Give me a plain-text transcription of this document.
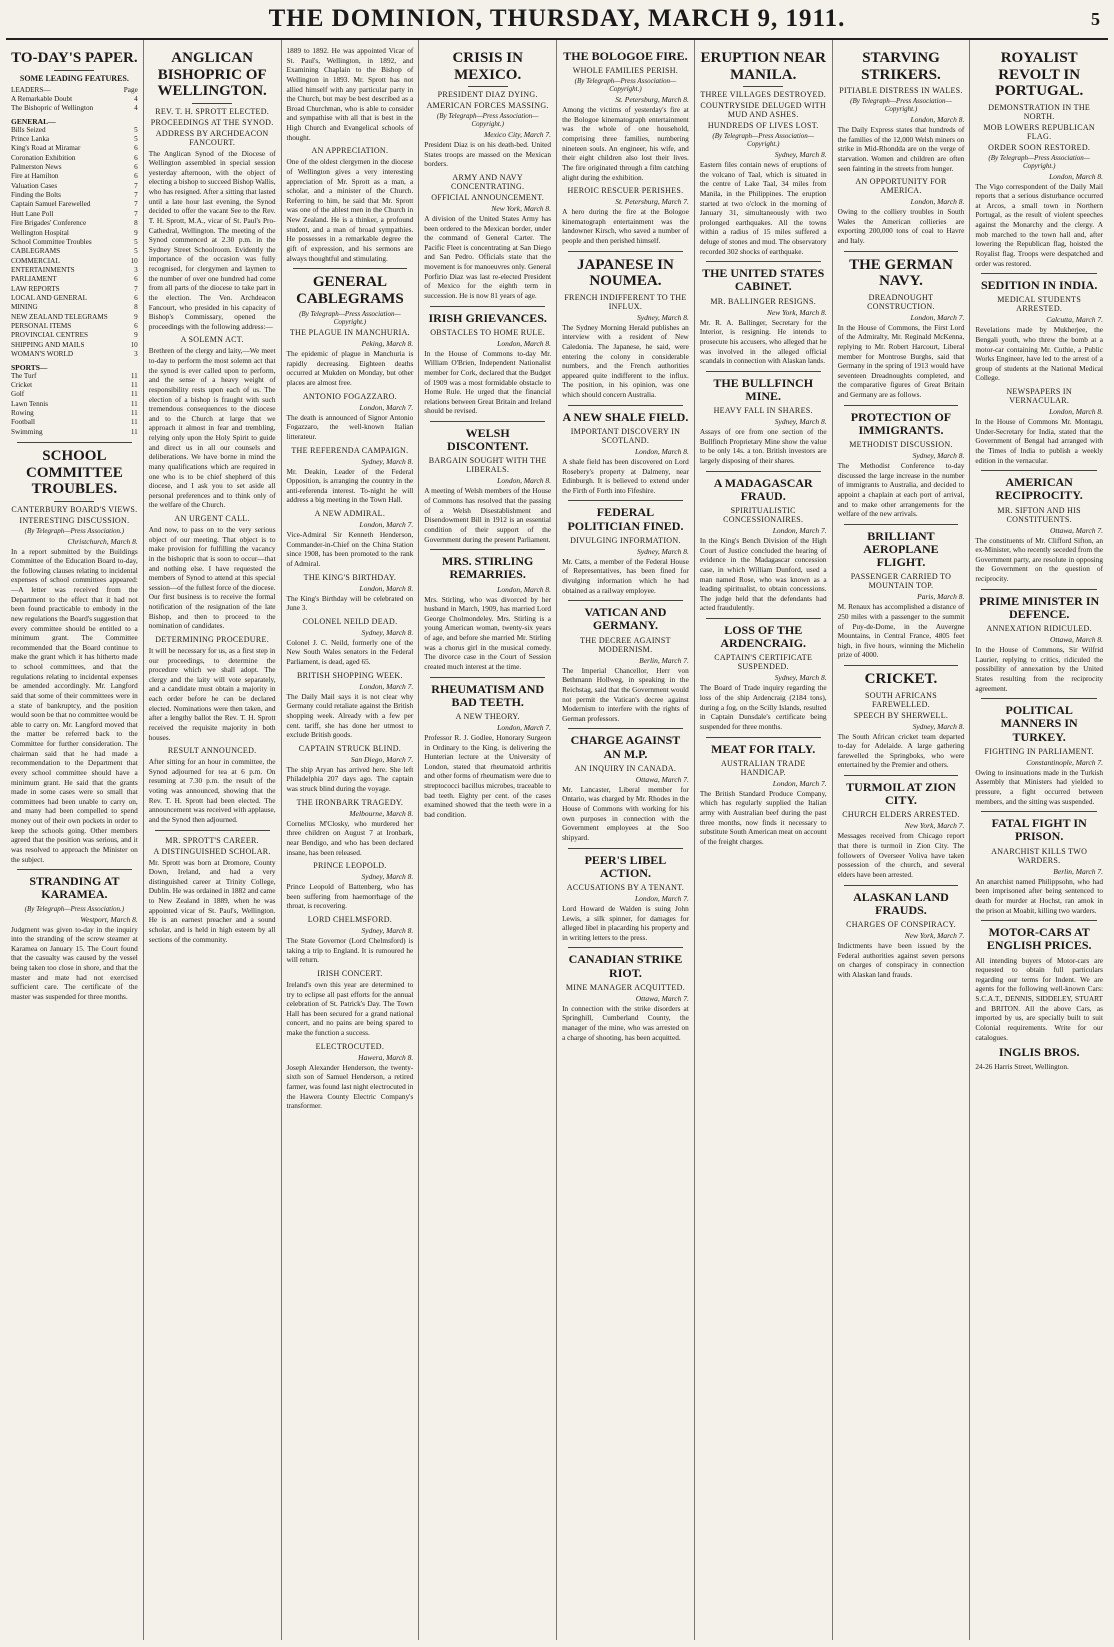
THE DOMINION, THURSDAY, MARCH 9, 1911.	5
TO-DAY'S PAPER.
SOME LEADING FEATURES.
LEADERS—	Page
A Remarkable Doubt	4
The Bishopric of Wellington	4
GENERAL—
Bills Seized	5
Prince Lanka	5
King's Road at Miramar	6
Coronation Exhibition	6
Palmerston News	6
Fire at Hamilton	6
Valuation Cases	7
Finding the Bolts	7
Captain Samuel Farewelled	7
Hutt Lane Poll	7
Fire Brigades' Conference	8
Wellington Hospital	9
School Committee Troubles	5
CABLEGRAMS	5
COMMERCIAL	10
ENTERTAINMENTS	3
PARLIAMENT	6
LAW REPORTS	7
LOCAL AND GENERAL	6
MINING	8
NEW ZEALAND TELEGRAMS	9
PERSONAL ITEMS	6
PROVINCIAL CENTRES	9
SHIPPING AND MAILS	10
WOMAN'S WORLD	3
SPORTS—
The Turf	11
Cricket	11
Golf	11
Lawn Tennis	11
Rowing	11
Football	11
Swimming	11
SCHOOL COMMITTEE TROUBLES.
CANTERBURY BOARD'S VIEWS.
INTERESTING DISCUSSION.
(By Telegraph—Press Association.)
Christchurch, March 8.

In a report submitted by the Buildings Committee of the Education Board to-day, the following clauses relating to incidental expenses of school committees appeared:—A letter was received from the Department to the effect that it had not been found practicable to embody in the new regulations the Board's suggestion that every committee should be entitled to a minimum grant. The Committee recommended that the Board continue to make the grant which it has hitherto made to school committees, and that the regulations relating to incidental expenses be amended accordingly. Mr. Langford said that some of their committees were in a state of bankruptcy, and the position would soon be that no committee would be able to carry on. Mr. Langford moved that the matter be referred back to the Committee for further consideration. The chairman said that he had made a recommendation to the Department that every school committee should have a minimum grant. He said that the grants made in some cases were so small that committees had been unable to carry on, and many had been compelled to spend money out of their own pockets in order to keep the schools going. Other members agreed that the position was serious, and it was resolved to approach the Minister on the subject.

STRANDING AT KARAMEA.
(By Telegraph—Press Association.)
Westport, March 8.

Judgment was given to-day in the inquiry into the stranding of the screw steamer at Karamea on January 15. The Court found that the casualty was caused by the vessel being taken too close in shore, and that the master and mate had not exercised sufficient care. The certificate of the master was suspended for three months.

ANGLICAN BISHOPRIC OF WELLINGTON.
REV. T. H. SPROTT ELECTED.
PROCEEDINGS AT THE SYNOD.
ADDRESS BY ARCHDEACON FANCOURT.

The Anglican Synod of the Diocese of Wellington assembled in special session yesterday afternoon, with the object of electing a bishop to succeed Bishop Wallis, who has resigned. After a sitting that lasted until a late hour last evening, the Synod decided to offer the vacant See to the Rev. T. H. Sprott, M.A., vicar of St. Paul's Pro-Cathedral, Wellington. The meeting of the Synod commenced at 2.30 p.m. in the Sydney Street Schoolroom. Evidently the importance of the occasion was fully recognised, for clergymen and laymen to the number of over one hundred had come from all parts of the diocese to take part in the election. The Ven. Archdeacon Fancourt, who presided in his capacity of Bishop's Commissary, opened the proceedings with the following address:—

A SOLEMN ACT.

Brethren of the clergy and laity,—We meet to-day to perform the most solemn act that the synod is ever called upon to perform, and the sense of a heavy weight of responsibility rests upon each of us. The election of a bishop is fraught with such tremendous consequences to the diocese and to the Church at large that we approach it almost in fear and trembling, relying only upon the Holy Spirit to guide and direct us in all our counsels and deliberations. We have borne in mind the many qualifications which are required in one who is to be chief shepherd of this diocese, and I ask you to set aside all personal preferences and to think only of the welfare of the Church.

AN URGENT CALL.

And now, to pass on to the very serious object of our meeting. That object is to make provision for fulfilling the vacancy in the bishopric that is soon to occur—that and nothing else. I have requested the members of Synod to attend at this special session—of the fullest force of the diocese. Our first business is to receive the formal notification of the resignation of the late Bishop, and then to proceed to the nomination of candidates.

DETERMINING PROCEDURE.

It will be necessary for us, as a first step in our proceedings, to determine the procedure which we shall adopt. The clergy and the laity will vote separately, and a candidate must obtain a majority in each order before he can be declared elected. Nominations were then taken, and after a lengthy ballot the Rev. T. H. Sprott received the requisite majority in both houses.

RESULT ANNOUNCED.

After sitting for an hour in committee, the Synod adjourned for tea at 6 p.m. On resuming at 7.30 p.m. the result of the voting was announced, showing that the Rev. T. H. Sprott had been elected. The announcement was received with applause, and the Synod then adjourned.

MR. SPROTT'S CAREER.
A DISTINGUISHED SCHOLAR.

Mr. Sprott was born at Dromore, County Down, Ireland, and had a very distinguished career at Trinity College, Dublin. He was ordained in 1882 and came to New Zealand in 1889, when he was appointed vicar of St. Paul's, Wellington. He is an earnest preacher and a sound scholar, and is held in high esteem by all sections of the community.

1889 to 1892. He was appointed Vicar of St. Paul's, Wellington, in 1892, and Examining Chaplain to the Bishop of Wellington in 1893. Mr. Sprott has not allied himself with any particular party in the Church, but may be best described as a Broad Churchman, who is able to consider and sympathise with all that is best in the High Church and Evangelical schools of thought.

AN APPRECIATION.

One of the oldest clergymen in the diocese of Wellington gives a very interesting appreciation of Mr. Sprott as a man, a scholar, and a minister of the Church. Referring to him, he said that Mr. Sprott was one of the ablest men in the Church in New Zealand. He is a thinker, a profound student, and a man of broad sympathies. He possesses in a remarkable degree the gift of expression, and his sermons are always thoughtful and stimulating.

GENERAL CABLEGRAMS
(By Telegraph—Press Association—Copyright.)
THE PLAGUE IN MANCHURIA.
Peking, March 8.

The epidemic of plague in Manchuria is rapidly decreasing. Eighteen deaths occurred at Mukden on Monday, but other places are almost free.

ANTONIO FOGAZZARO.
London, March 7.

The death is announced of Signor Antonio Fogazzaro, the well-known Italian litterateur.

THE REFERENDA CAMPAIGN.
Sydney, March 8.

Mr. Deakin, Leader of the Federal Opposition, is arranging the country in the anti-referenda interest. To-night he will address a big meeting in the Town Hall.

A NEW ADMIRAL.
London, March 7.

Vice-Admiral Sir Kenneth Henderson, Commander-in-Chief on the China Station since 1908, has been promoted to the rank of Admiral.

THE KING'S BIRTHDAY.
London, March 8.

The King's Birthday will be celebrated on June 3.

COLONEL NEILD DEAD.
Sydney, March 8.

Colonel J. C. Neild, formerly one of the New South Wales senators in the Federal Parliament, is dead, aged 65.

BRITISH SHOPPING WEEK.
London, March 7.

The Daily Mail says it is not clear why Germany could retaliate against the British shopping week. Already with a few per cent. tariff, she has done her utmost to exclude British goods.

CAPTAIN STRUCK BLIND.
San Diego, March 7.

The ship Aryan has arrived here. She left Philadelphia 207 days ago. The captain was struck blind during the voyage.

THE IRONBARK TRAGEDY.
Melbourne, March 8.

Cornelius M'Closky, who murdered her three children on August 7 at Ironbark, near Bendigo, and who has been declared insane, has been released.

PRINCE LEOPOLD.
Sydney, March 8.

Prince Leopold of Battenberg, who has been suffering from haemorrhage of the throat, is recovering.

LORD CHELMSFORD.
Sydney, March 8.

The State Governor (Lord Chelmsford) is taking a trip to England. It is rumoured he will return.

IRISH CONCERT.

Ireland's own this year are determined to try to eclipse all past efforts for the annual celebration of St. Patrick's Day. The Town Hall has been secured for a grand national concert, and no pains are being spared to make the function a success.

ELECTROCUTED.
Hawera, March 8.

Joseph Alexander Henderson, the twenty-sixth son of Samuel Henderson, a retired farmer, was found last night electrocuted in the Hawera County Electric Company's transformer.

CRISIS IN MEXICO.
PRESIDENT DIAZ DYING.
AMERICAN FORCES MASSING.
(By Telegraph—Press Association—Copyright.)
Mexico City, March 7.

President Diaz is on his death-bed. United States troops are massed on the Mexican borders.

ARMY AND NAVY CONCENTRATING.
OFFICIAL ANNOUNCEMENT.
New York, March 8.

A division of the United States Army has been ordered to the Mexican border, under the command of General Carter. The Pacific Fleet is concentrating at San Diego and San Pedro. Officials state that the movement is for manoeuvres only. General Porfirio Diaz was last re-elected President of Mexico for the eighth term in succession. He is now 81 years of age.

IRISH GRIEVANCES.
OBSTACLES TO HOME RULE.
London, March 8.

In the House of Commons to-day Mr. William O'Brien, Independent Nationalist member for Cork, declared that the Budget of 1909 was a most formidable obstacle to Home Rule. He urged that the financial relations between Great Britain and Ireland should be revised.

WELSH DISCONTENT.
BARGAIN SOUGHT WITH THE LIBERALS.
London, March 8.

A meeting of Welsh members of the House of Commons has resolved that the passing of a Welsh Disestablishment and Disendowment Bill in 1912 is an essential condition of their support of the Government during the present Parliament.

MRS. STIRLING REMARRIES.
London, March 8.

Mrs. Stirling, who was divorced by her husband in March, 1909, has married Lord George Cholmondeley. Mrs. Stirling is a young American woman, twenty-six years of age, and before she married Mr. Stirling was a chorus girl in the musical comedy. The divorce case in the Court of Session created much interest at the time.

RHEUMATISM AND BAD TEETH.
A NEW THEORY.
London, March 7.

Professor R. J. Godlee, Honorary Surgeon in Ordinary to the King, is delivering the Hunterian lecture at the University of London, stated that rheumatoid arthritis and other forms of rheumatism were due to streptococci bacillus microbes, traceable to bad teeth. Eighty per cent. of the cases examined showed that the teeth were in a bad condition.

THE BOLOGOE FIRE.
WHOLE FAMILIES PERISH.
(By Telegraph—Press Association—Copyright.)
St. Petersburg, March 8.

Among the victims of yesterday's fire at the Bologoe kinematograph entertainment was the whole of one household, comprising three families, numbering nineteen souls. An engineer, his wife, and their eight children also lost their lives. The fire originated through a film catching alight during the exhibition.

HEROIC RESCUER PERISHES.
St. Petersburg, March 7.

A hero during the fire at the Bologoe kinematograph entertainment was the landowner Kirsch, who saved a number of people and then perished himself.

JAPANESE IN NOUMEA.
FRENCH INDIFFERENT TO THE INFLUX.
Sydney, March 8.

The Sydney Morning Herald publishes an interview with a resident of New Caledonia. The Japanese, he said, were entering the colony in considerable numbers, and the French authorities appeared quite indifferent to the influx. The position, in his opinion, was one which should concern Australia.

A NEW SHALE FIELD.
IMPORTANT DISCOVERY IN SCOTLAND.
London, March 8.

A shale field has been discovered on Lord Rosebery's property at Dalmeny, near Edinburgh. It is believed to extend under the Firth of Forth into Fifeshire.

FEDERAL POLITICIAN FINED.
DIVULGING INFORMATION.
Sydney, March 8.

Mr. Catts, a member of the Federal House of Representatives, has been fined for divulging information which he had obtained as a railway employee.

VATICAN AND GERMANY.
THE DECREE AGAINST MODERNISM.
Berlin, March 7.

The Imperial Chancellor, Herr von Bethmann Hollweg, in speaking in the Reichstag, said that the Government would not permit the Vatican's decree against Modernism to interfere with the rights of German professors.

CHARGE AGAINST AN M.P.
AN INQUIRY IN CANADA.
Ottawa, March 7.

Mr. Lancaster, Liberal member for Ontario, was charged by Mr. Rhodes in the House of Commons with working for his own purposes in connection with the Government employees at the Soo shipyard.

PEER'S LIBEL ACTION.
ACCUSATIONS BY A TENANT.
London, March 7.

Lord Howard de Walden is suing John Lewis, a silk spinner, for damages for alleged libel in placarding his property and in writing letters to the press.

CANADIAN STRIKE RIOT.
MINE MANAGER ACQUITTED.
Ottawa, March 7.

In connection with the strike disorders at Springhill, Cumberland County, the manager of the mine, who was arrested on a charge of shooting, has been acquitted.

ERUPTION NEAR MANILA.
THREE VILLAGES DESTROYED.
COUNTRYSIDE DELUGED WITH MUD AND ASHES.
HUNDREDS OF LIVES LOST.
(By Telegraph—Press Association—Copyright.)
Sydney, March 8.

Eastern files contain news of eruptions of the volcano of Taal, which is situated in the centre of Lake Taal, 34 miles from Manila, in the Philippines. The eruption started at two o'clock in the morning of January 31, simultaneously with two prolonged earthquakes. All the towns within a radius of 15 miles suffered a deluge of stones and mud. The observatory recorded 302 shocks of earthquake.

THE UNITED STATES CABINET.
MR. BALLINGER RESIGNS.
New York, March 8.

Mr. R. A. Ballinger, Secretary for the Interior, is resigning. He intends to prosecute his accusers, who alleged that he was involved in the alleged official scandals in connection with Alaskan lands.

THE BULLFINCH MINE.
HEAVY FALL IN SHARES.
Sydney, March 8.

Assays of ore from one section of the Bullfinch Proprietary Mine show the value to be only 14s. a ton. British investors are largely disposing of their shares.

A MADAGASCAR FRAUD.
SPIRITUALISTIC CONCESSIONAIRES.
London, March 7.

In the King's Bench Division of the High Court of Justice concluded the hearing of evidence in the Madagascar concession case, in which William Dunford, used a man named Rose, who was known as a leading spiritualist, to obtain concessions. The judge held that the defendants had acted fraudulently.

LOSS OF THE ARDENCRAIG.
CAPTAIN'S CERTIFICATE SUSPENDED.
Sydney, March 8.

The Board of Trade inquiry regarding the loss of the ship Ardencraig (2184 tons), during a fog, on the Scilly Islands, resulted in Captain Dunsdale's certificate being suspended for three months.

MEAT FOR ITALY.
AUSTRALIAN TRADE HANDICAP.
London, March 7.

The British Standard Produce Company, which has regularly supplied the Italian army with Australian beef during the past three months, now finds it necessary to substitute South American meat on account of the freight charges.

STARVING STRIKERS.
PITIABLE DISTRESS IN WALES.
(By Telegraph—Press Association—Copyright.)
London, March 8.

The Daily Express states that hundreds of the families of the 12,000 Welsh miners on strike in Mid-Rhondda are on the verge of starvation. Women and children are often seen fainting in the streets from hunger.

AN OPPORTUNITY FOR AMERICA.
London, March 8.

Owing to the colliery troubles in South Wales the American collieries are exporting 200,000 tons of coal to Havre and Italy.

THE GERMAN NAVY.
DREADNOUGHT CONSTRUCTION.
London, March 7.

In the House of Commons, the First Lord of the Admiralty, Mr. Reginald McKenna, replying to Mr. Robert Harcourt, Liberal member for Montrose Burghs, said that Germany in the spring of 1913 would have seventeen Dreadnoughts completed, and the comparative figures of Great Britain and Germany are as follows.

PROTECTION OF IMMIGRANTS.
METHODIST DISCUSSION.
Sydney, March 8.

The Methodist Conference to-day discussed the large increase in the number of immigrants to Australia, and decided to appoint a chaplain at each port of arrival, and to make other arrangements for the welfare of the new arrivals.

BRILLIANT AEROPLANE FLIGHT.
PASSENGER CARRIED TO MOUNTAIN TOP.
Paris, March 8.

M. Renaux has accomplished a distance of 250 miles with a passenger to the summit of Puy-de-Dome, in the Auvergne Mountains, in Central France, 4805 feet high, in five hours, winning the Michelin prize of 4000.

CRICKET.
SOUTH AFRICANS FAREWELLED.
SPEECH BY SHERWELL.
Sydney, March 8.

The South African cricket team departed to-day for Adelaide. A large gathering farewelled the Springboks, who were entertained by the Premier and others.

TURMOIL AT ZION CITY.
CHURCH ELDERS ARRESTED.
New York, March 7.

Messages received from Chicago report that there is turmoil in Zion City. The followers of Overseer Voliva have taken possession of the church, and several elders have been arrested.

ALASKAN LAND FRAUDS.
CHARGES OF CONSPIRACY.
New York, March 7.

Indictments have been issued by the Federal authorities against seven persons on charges of conspiracy in connection with Alaskan land frauds.

ROYALIST REVOLT IN PORTUGAL.
DEMONSTRATION IN THE NORTH.
MOB LOWERS REPUBLICAN FLAG.
ORDER SOON RESTORED.
(By Telegraph—Press Association—Copyright.)
London, March 8.

The Vigo correspondent of the Daily Mail reports that a serious disturbance occurred at Arcos, a small town in Northern Portugal, as the result of violent speeches against the Monarchy and the clergy. A mob marched to the town hall and, after lowering the Republican flag, hoisted the Royalist flag. Troops were despatched and order was restored.

SEDITION IN INDIA.
MEDICAL STUDENTS ARRESTED.
Calcutta, March 7.

Revelations made by Mukherjee, the Bengali youth, who threw the bomb at a motor-car containing Mr. Cuthie, a Public Works Engineer, have led to the arrest of a group of students at the National Medical College.

NEWSPAPERS IN VERNACULAR.
London, March 8.

In the House of Commons Mr. Montagu, Under-Secretary for India, stated that the Government of Bengal had arranged with the Times of India to publish a weekly edition in the vernacular.

AMERICAN RECIPROCITY.
MR. SIFTON AND HIS CONSTITUENTS.
Ottawa, March 7.

The constituents of Mr. Clifford Sifton, an ex-Minister, who recently seceded from the Government party, are resolute in opposing the Government on the question of reciprocity.

PRIME MINISTER IN DEFENCE.
ANNEXATION RIDICULED.
Ottawa, March 8.

In the House of Commons, Sir Wilfrid Laurier, replying to critics, ridiculed the possibility of annexation by the United States resulting from the reciprocity agreement.

POLITICAL MANNERS IN TURKEY.
FIGHTING IN PARLIAMENT.
Constantinople, March 7.

Owing to insinuations made in the Turkish Assembly that Ministers had yielded to pressure, a fight occurred between members, and the sitting was suspended.

FATAL FIGHT IN PRISON.
ANARCHIST KILLS TWO WARDERS.
Berlin, March 7.

An anarchist named Philippsohn, who had been imprisoned after being sentenced to death for murder at Hochst, ran amok in the prison at Moabit, killing two warders.

MOTOR-CARS AT ENGLISH PRICES.

All intending buyers of Motor-cars are requested to obtain full particulars regarding our terms for Indent. We are agents for the following well-known Cars: S.C.A.T., DENNIS, SIDDELEY, STUART and BRITON. All the above Cars, as imported by us, are specially built to suit Colonial requirements. Write for our catalogues.

INGLIS BROS.

24-26 Harris Street, Wellington.
